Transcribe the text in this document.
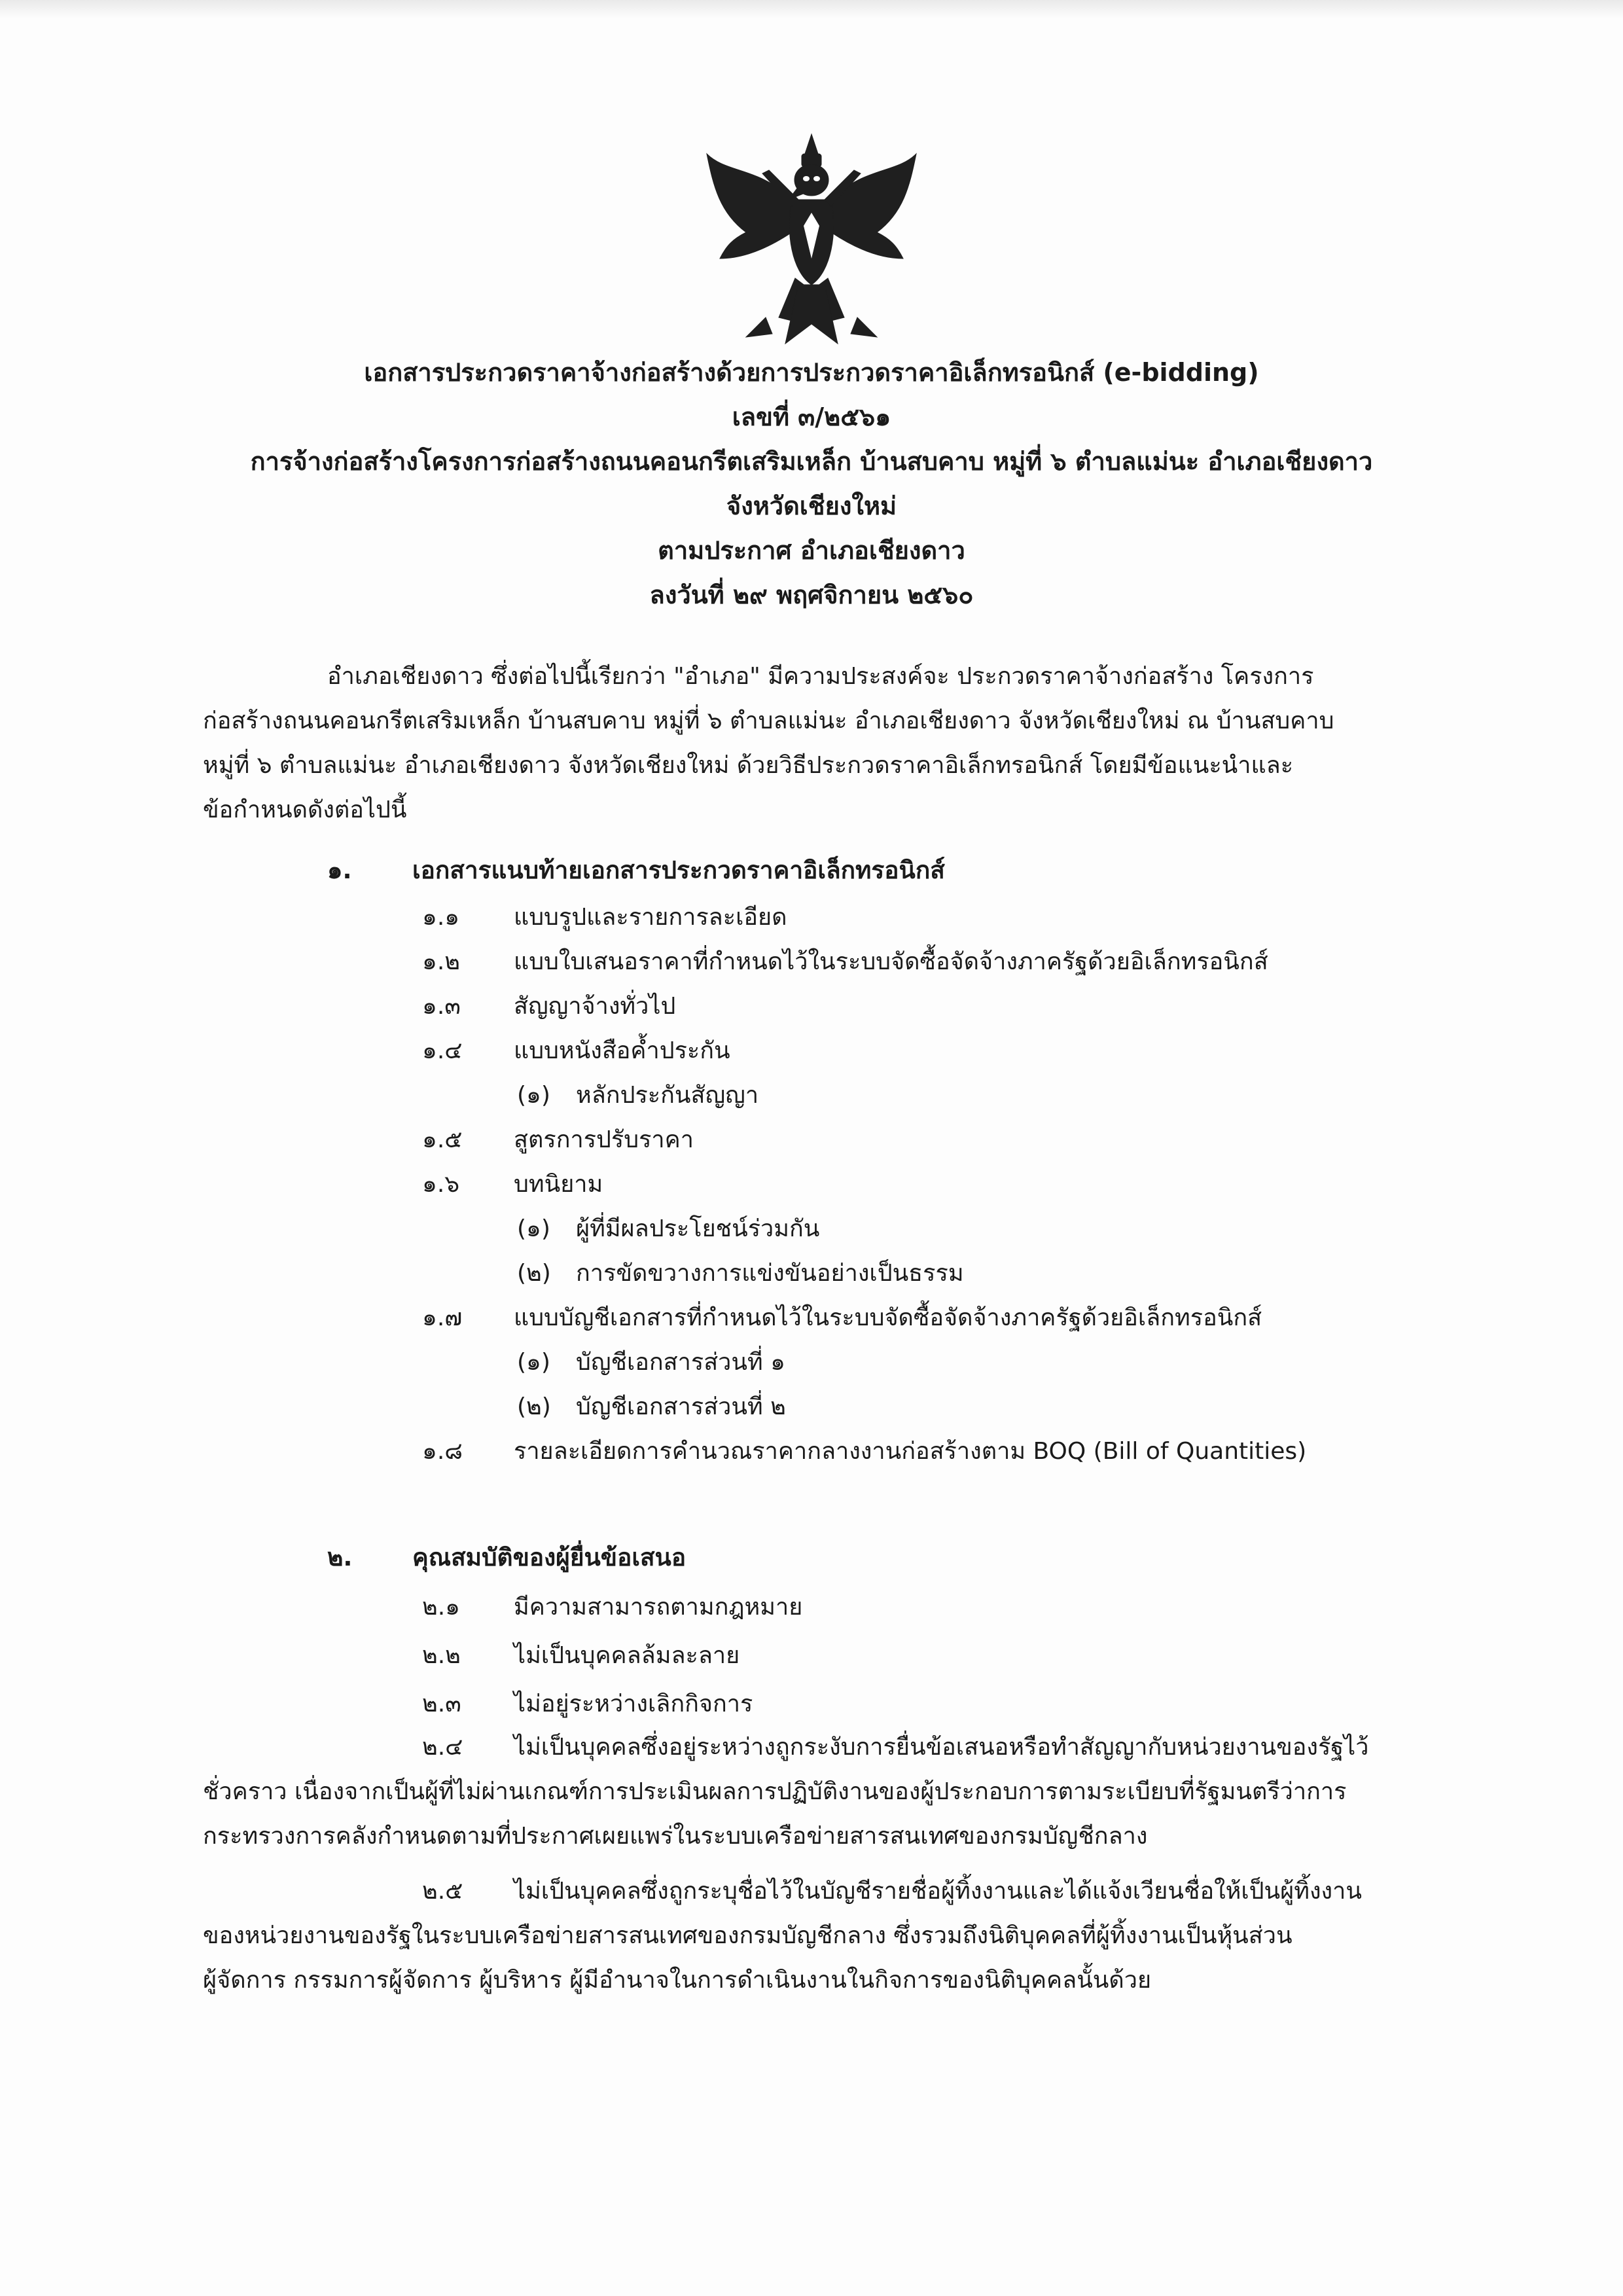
เอกสารประกวดราคาจ้างก่อสร้างด้วยการประกวดราคาอิเล็กทรอนิกส์ (e-bidding)
เลขที่ ๓/๒๕๖๑
การจ้างก่อสร้างโครงการก่อสร้างถนนคอนกรีตเสริมเหล็ก บ้านสบคาบ หมู่ที่ ๖ ตำบลแม่นะ อำเภอเชียงดาว
จังหวัดเชียงใหม่
ตามประกาศ อำเภอเชียงดาว
ลงวันที่ ๒๙ พฤศจิกายน ๒๕๖๐
อำเภอเชียงดาว ซึ่งต่อไปนี้เรียกว่า "อำเภอ" มีความประสงค์จะ ประกวดราคาจ้างก่อสร้าง โครงการ
ก่อสร้างถนนคอนกรีตเสริมเหล็ก บ้านสบคาบ หมู่ที่ ๖ ตำบลแม่นะ อำเภอเชียงดาว จังหวัดเชียงใหม่ ณ บ้านสบคาบ
หมู่ที่ ๖ ตำบลแม่นะ อำเภอเชียงดาว จังหวัดเชียงใหม่ ด้วยวิธีประกวดราคาอิเล็กทรอนิกส์ โดยมีข้อแนะนำและ
ข้อกำหนดดังต่อไปนี้
๑. เอกสารแนบท้ายเอกสารประกวดราคาอิเล็กทรอนิกส์
๑.๑ แบบรูปและรายการละเอียด
๑.๒ แบบใบเสนอราคาที่กำหนดไว้ในระบบจัดซื้อจัดจ้างภาครัฐด้วยอิเล็กทรอนิกส์
๑.๓ สัญญาจ้างทั่วไป
๑.๔ แบบหนังสือค้ำประกัน
(๑) หลักประกันสัญญา
๑.๕ สูตรการปรับราคา
๑.๖ บทนิยาม
(๑) ผู้ที่มีผลประโยชน์ร่วมกัน
(๒) การขัดขวางการแข่งขันอย่างเป็นธรรม
๑.๗ แบบบัญชีเอกสารที่กำหนดไว้ในระบบจัดซื้อจัดจ้างภาครัฐด้วยอิเล็กทรอนิกส์
(๑) บัญชีเอกสารส่วนที่ ๑
(๒) บัญชีเอกสารส่วนที่ ๒
๑.๘ รายละเอียดการคำนวณราคากลางงานก่อสร้างตาม BOQ (Bill of Quantities)
๒. คุณสมบัติของผู้ยื่นข้อเสนอ
๒.๑ มีความสามารถตามกฎหมาย
๒.๒ ไม่เป็นบุคคลล้มละลาย
๒.๓ ไม่อยู่ระหว่างเลิกกิจการ
๒.๔ ไม่เป็นบุคคลซึ่งอยู่ระหว่างถูกระงับการยื่นข้อเสนอหรือทำสัญญากับหน่วยงานของรัฐไว้
ชั่วคราว เนื่องจากเป็นผู้ที่ไม่ผ่านเกณฑ์การประเมินผลการปฏิบัติงานของผู้ประกอบการตามระเบียบที่รัฐมนตรีว่าการ
กระทรวงการคลังกำหนดตามที่ประกาศเผยแพร่ในระบบเครือข่ายสารสนเทศของกรมบัญชีกลาง
๒.๕ ไม่เป็นบุคคลซึ่งถูกระบุชื่อไว้ในบัญชีรายชื่อผู้ทิ้งงานและได้แจ้งเวียนชื่อให้เป็นผู้ทิ้งงาน
ของหน่วยงานของรัฐในระบบเครือข่ายสารสนเทศของกรมบัญชีกลาง ซึ่งรวมถึงนิติบุคคลที่ผู้ทิ้งงานเป็นหุ้นส่วน
ผู้จัดการ กรรมการผู้จัดการ ผู้บริหาร ผู้มีอำนาจในการดำเนินงานในกิจการของนิติบุคคลนั้นด้วย
